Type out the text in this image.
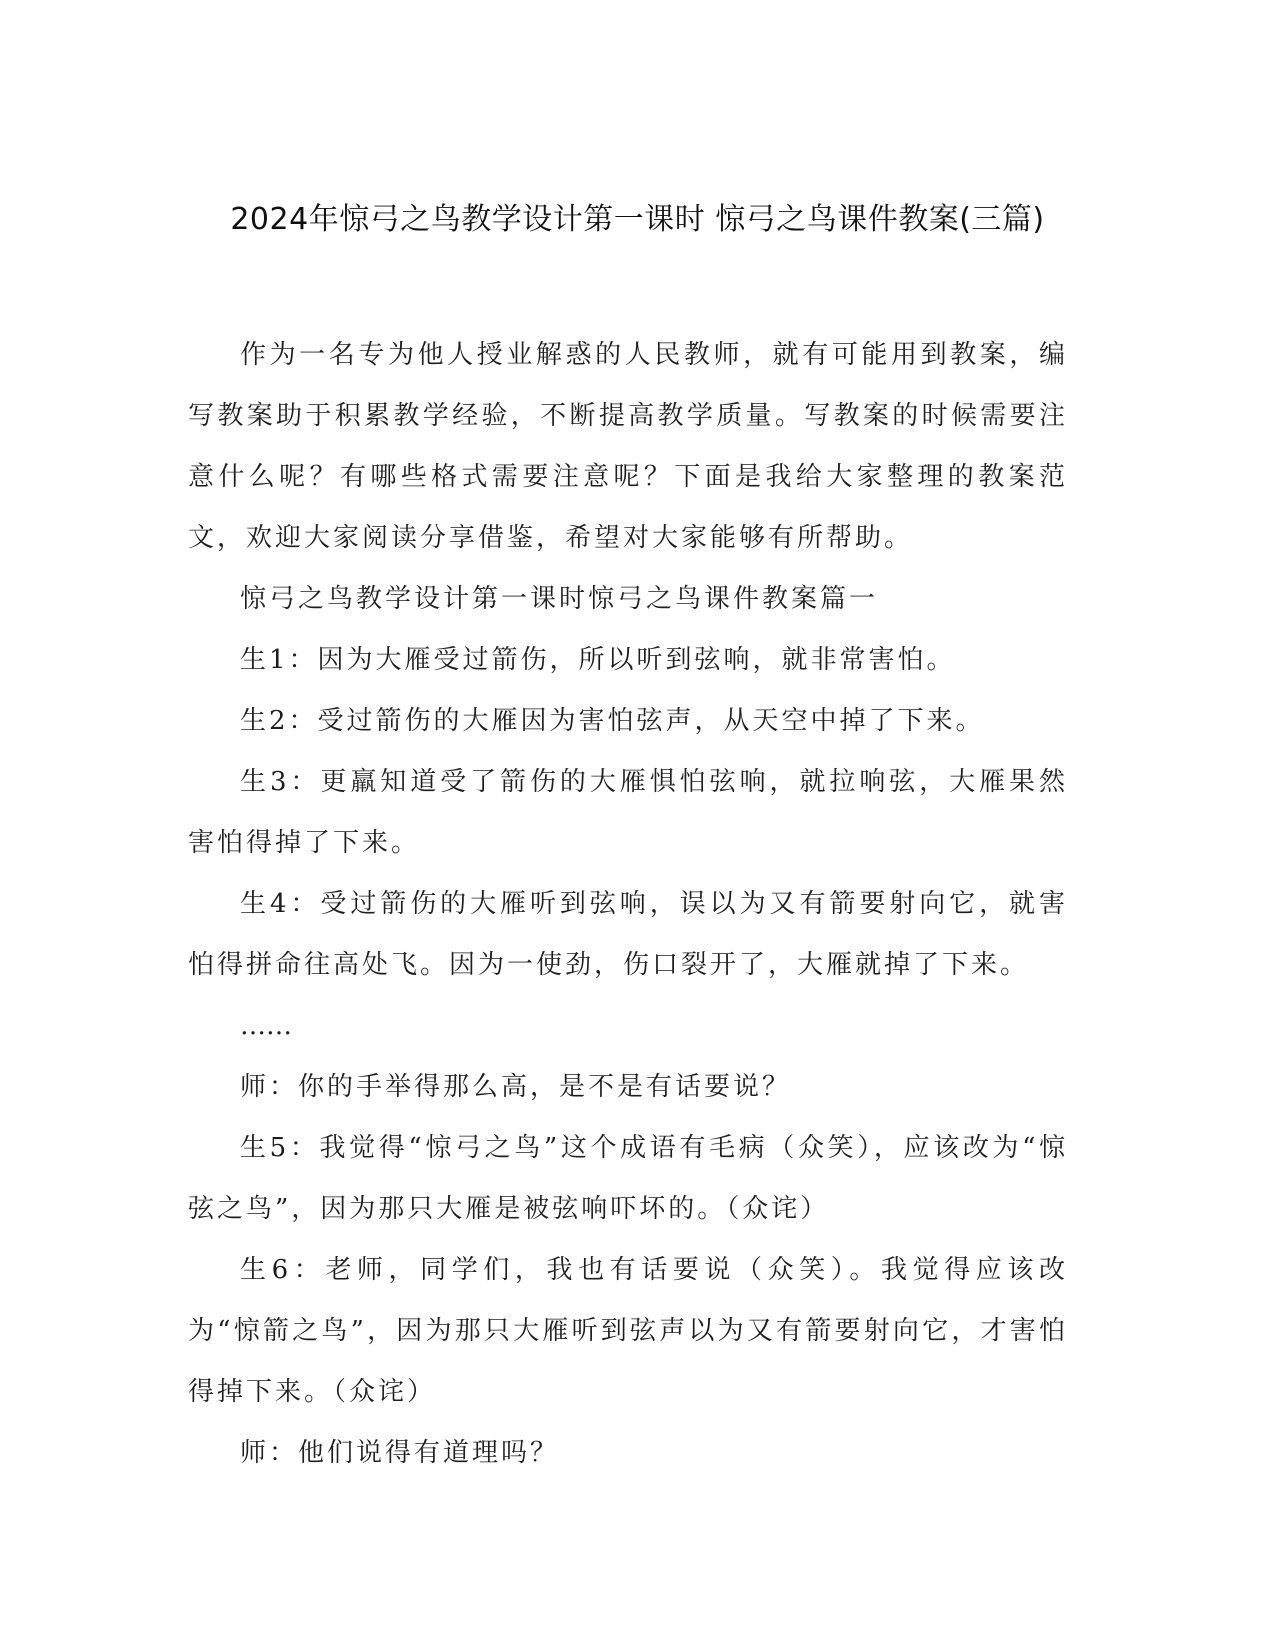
2024年惊弓之鸟教学设计第一课时 惊弓之鸟课件教案(三篇)

作为一名专为他人授业解惑的人民教师，就有可能用到教案，编写教案助于积累教学经验，不断提高教学质量。写教案的时候需要注意什么呢？有哪些格式需要注意呢？下面是我给大家整理的教案范文，欢迎大家阅读分享借鉴，希望对大家能够有所帮助。

惊弓之鸟教学设计第一课时惊弓之鸟课件教案篇一

生1：因为大雁受过箭伤，所以听到弦响，就非常害怕。

生2：受过箭伤的大雁因为害怕弦声，从天空中掉了下来。

生3：更羸知道受了箭伤的大雁惧怕弦响，就拉响弦，大雁果然害怕得掉了下来。

生4：受过箭伤的大雁听到弦响，误以为又有箭要射向它，就害怕得拼命往高处飞。因为一使劲，伤口裂开了，大雁就掉了下来。

……

师：你的手举得那么高，是不是有话要说？

生5：我觉得“惊弓之鸟”这个成语有毛病（众笑），应该改为“惊弦之鸟”，因为那只大雁是被弦响吓坏的。（众诧）

生6：老师，同学们，我也有话要说（众笑）。我觉得应该改为“惊箭之鸟”，因为那只大雁听到弦声以为又有箭要射向它，才害怕得掉下来。（众诧）

师：他们说得有道理吗？
